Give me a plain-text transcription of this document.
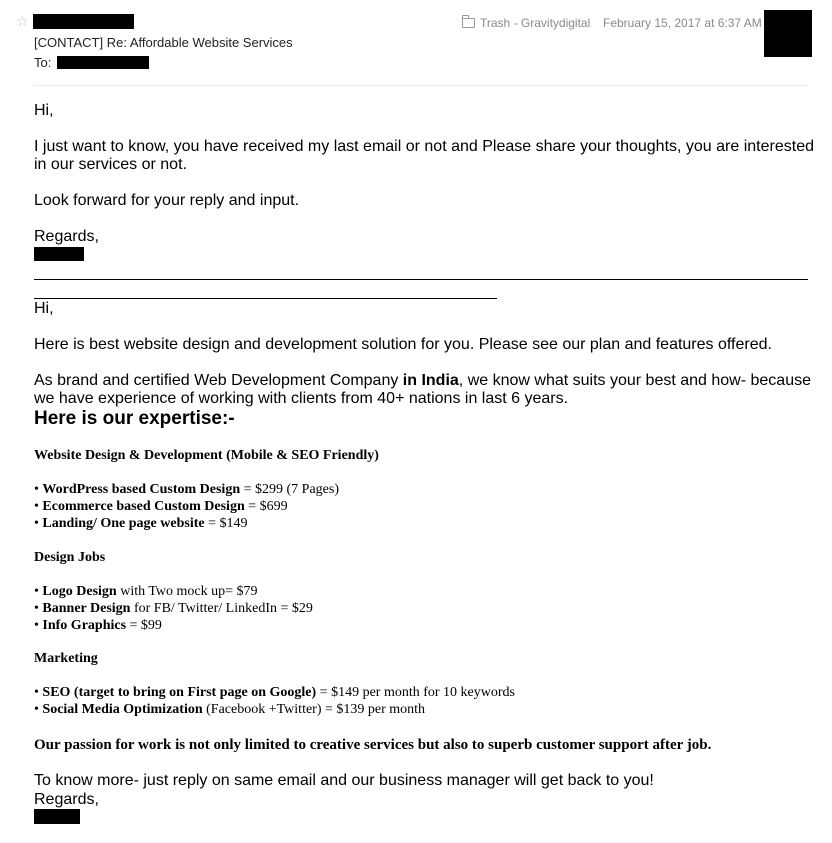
☆
[CONTACT] Re: Affordable Website Services
To:
Trash - Gravitydigital February 15, 2017 at 6:37 AM

Hi,

I just want to know, you have received my last email or not and Please share your thoughts, you are interested in our services or not.

Look forward for your reply and input.

Regards,

Hi,

Here is best website design and development solution for you. Please see our plan and features offered.

As brand and certified Web Development Company in India, we know what suits your best and how- because we have experience of working with clients from 40+ nations in last 6 years.

Here is our expertise:-

Website Design & Development (Mobile & SEO Friendly)

• WordPress based Custom Design = $299 (7 Pages)

• Ecommerce based Custom Design = $699

• Landing/ One page website = $149

Design Jobs

• Logo Design with Two mock up= $79

• Banner Design for FB/ Twitter/ LinkedIn = $29

• Info Graphics = $99

Marketing

• SEO (target to bring on First page on Google) = $149 per month for 10 keywords

• Social Media Optimization (Facebook +Twitter) = $139 per month

Our passion for work is not only limited to creative services but also to superb customer support after job.

To know more- just reply on same email and our business manager will get back to you!

Regards,
